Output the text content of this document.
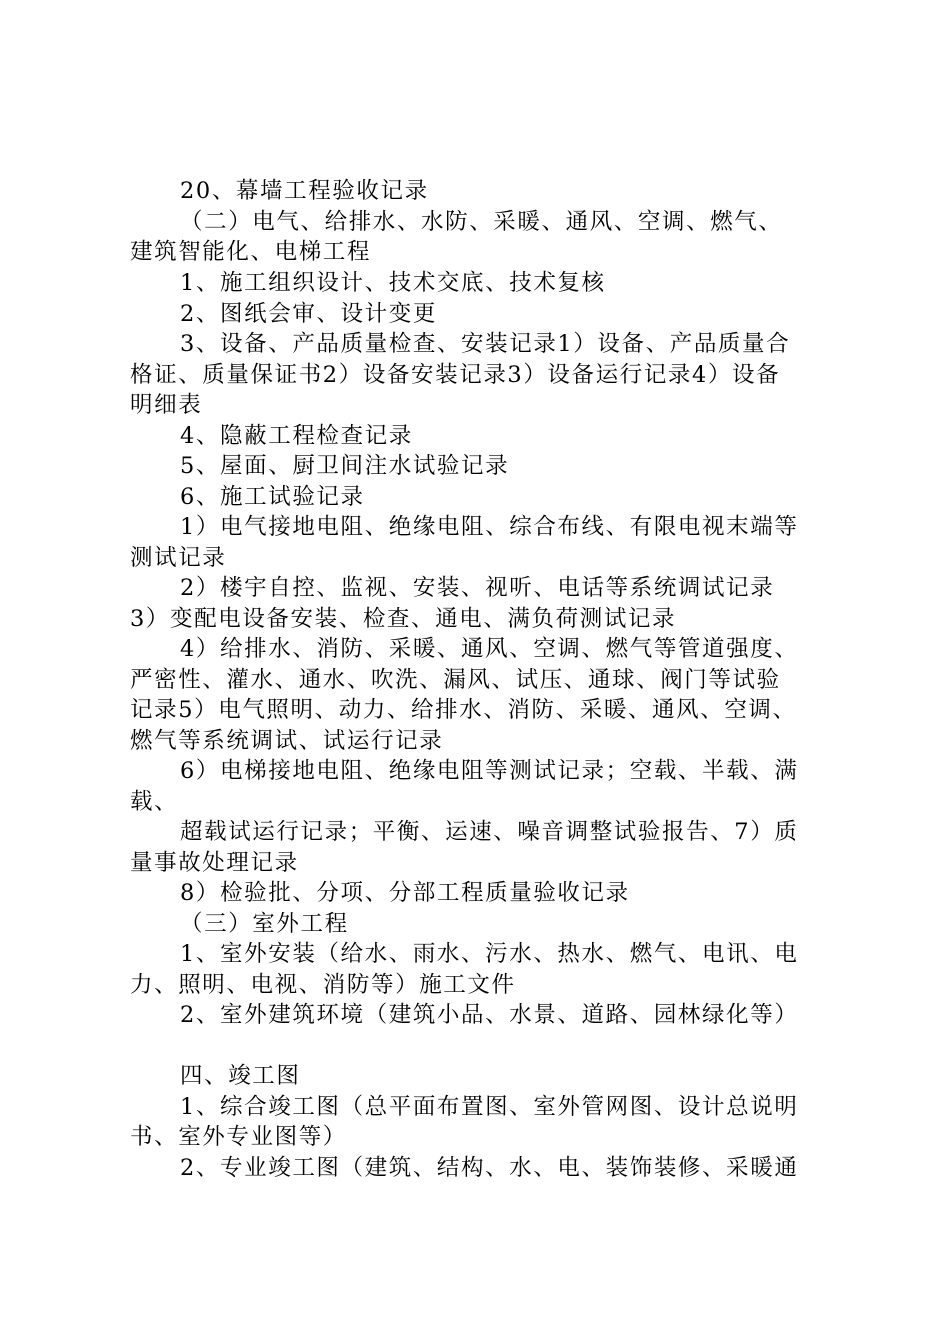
20、幕墙工程验收记录
（二）电气、给排水、水防、采暖、通风、空调、燃气、
建筑智能化、电梯工程
1、施工组织设计、技术交底、技术复核
2、图纸会审、设计变更
3、设备、产品质量检查、安装记录1）设备、产品质量合
格证、质量保证书2）设备安装记录3）设备运行记录4）设备
明细表
4、隐蔽工程检查记录
5、屋面、厨卫间注水试验记录
6、施工试验记录
1）电气接地电阻、绝缘电阻、综合布线、有限电视末端等
测试记录
2）楼宇自控、监视、安装、视听、电话等系统调试记录
3）变配电设备安装、检查、通电、满负荷测试记录
4）给排水、消防、采暖、通风、空调、燃气等管道强度、
严密性、灌水、通水、吹洗、漏风、试压、通球、阀门等试验
记录5）电气照明、动力、给排水、消防、采暖、通风、空调、
燃气等系统调试、试运行记录
6）电梯接地电阻、绝缘电阻等测试记录；空载、半载、满
载、
超载试运行记录；平衡、运速、噪音调整试验报告、7）质
量事故处理记录
8）检验批、分项、分部工程质量验收记录
（三）室外工程
1、室外安装（给水、雨水、污水、热水、燃气、电讯、电
力、照明、电视、消防等）施工文件
2、室外建筑环境（建筑小品、水景、道路、园林绿化等）
四、竣工图
1、综合竣工图（总平面布置图、室外管网图、设计总说明
书、室外专业图等）
2、专业竣工图（建筑、结构、水、电、装饰装修、采暖通
